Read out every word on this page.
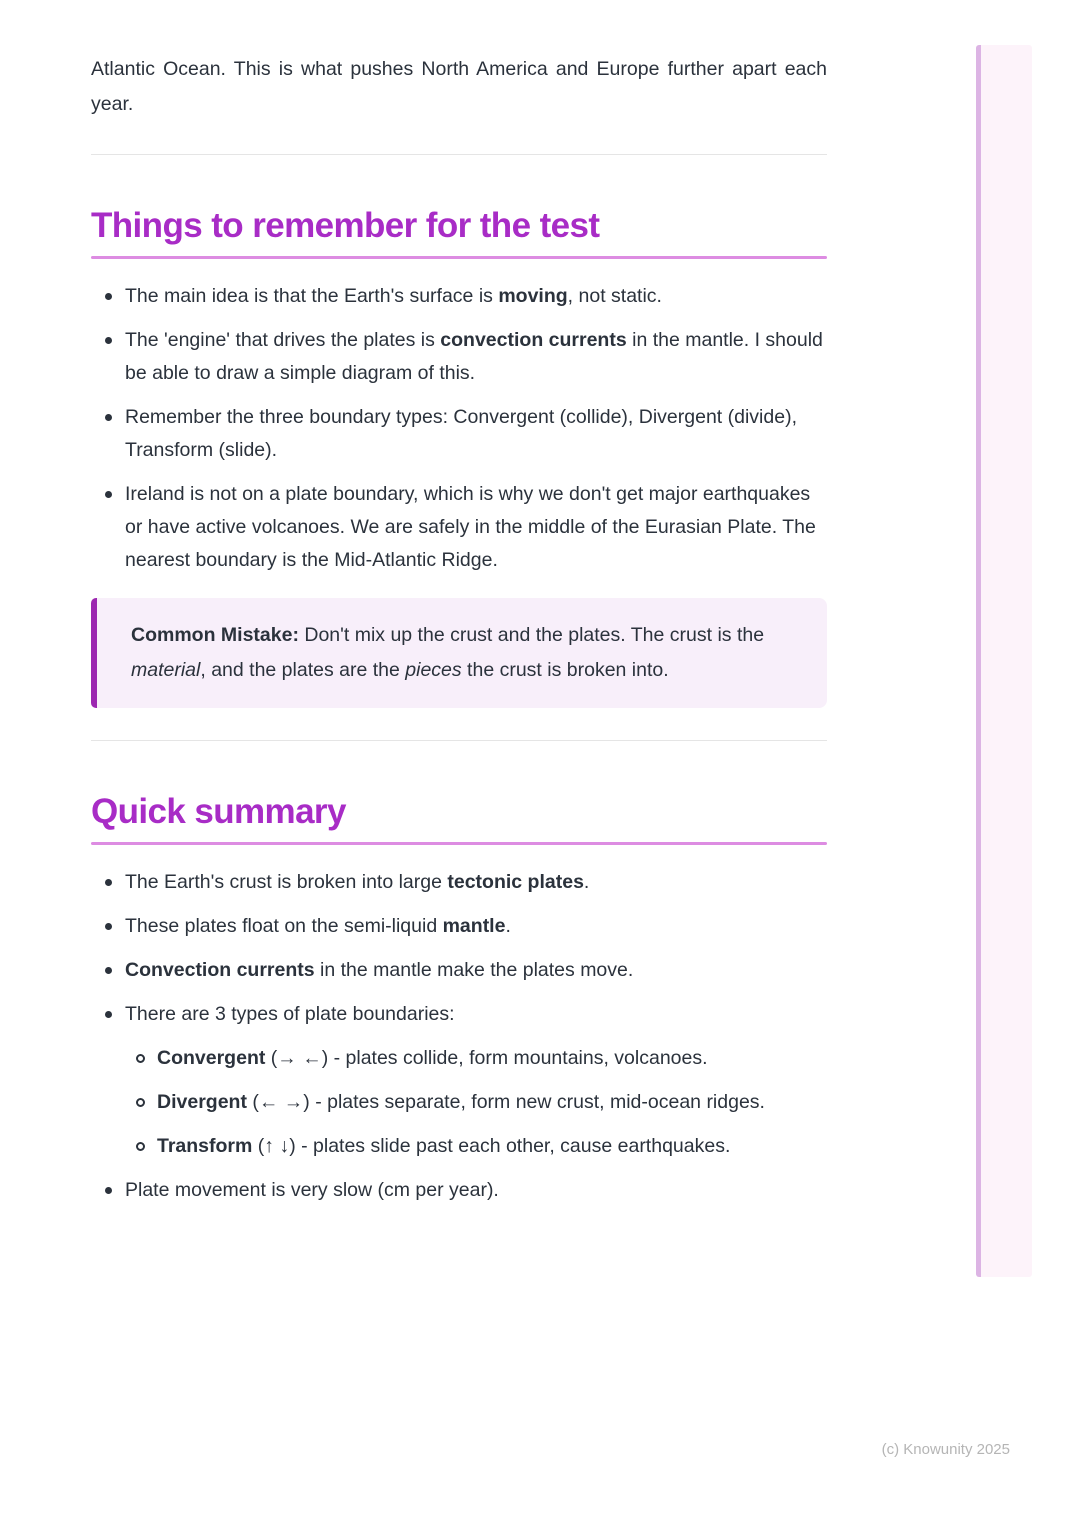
Atlantic Ocean. This is what pushes North America and Europe further apart each year.

Things to remember for the test
The main idea is that the Earth's surface is moving, not static.
The 'engine' that drives the plates is convection currents in the mantle. I should be able to draw a simple diagram of this.
Remember the three boundary types: Convergent (collide), Divergent (divide), Transform (slide).
Ireland is not on a plate boundary, which is why we don't get major earthquakes or have active volcanoes. We are safely in the middle of the Eurasian Plate. The nearest boundary is the Mid-Atlantic Ridge.

Common Mistake: Don't mix up the crust and the plates. The crust is the material, and the plates are the pieces the crust is broken into.

Quick summary
The Earth's crust is broken into large tectonic plates.
These plates float on the semi-liquid mantle.
Convection currents in the mantle make the plates move.
There are 3 types of plate boundaries:
Convergent (→ ←) - plates collide, form mountains, volcanoes.
Divergent (← →) - plates separate, form new crust, mid-ocean ridges.
Transform (↑ ↓) - plates slide past each other, cause earthquakes.
Plate movement is very slow (cm per year).
(c) Knowunity 2025
